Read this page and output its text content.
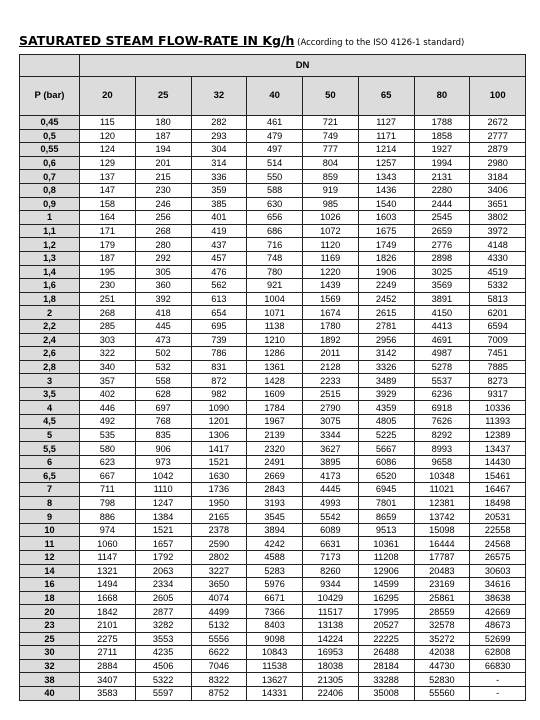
SATURATED STEAM FLOW-RATE IN Kg/h (According to the ISO 4126-1 standard)
	DN							
P (bar)	20	25	32	40	50	65	80	100
0,45	115	180	282	461	721	1127	1788	2672
0,5	120	187	293	479	749	1171	1858	2777
0,55	124	194	304	497	777	1214	1927	2879
0,6	129	201	314	514	804	1257	1994	2980
0,7	137	215	336	550	859	1343	2131	3184
0,8	147	230	359	588	919	1436	2280	3406
0,9	158	246	385	630	985	1540	2444	3651
1	164	256	401	656	1026	1603	2545	3802
1,1	171	268	419	686	1072	1675	2659	3972
1,2	179	280	437	716	1120	1749	2776	4148
1,3	187	292	457	748	1169	1826	2898	4330
1,4	195	305	476	780	1220	1906	3025	4519
1,6	230	360	562	921	1439	2249	3569	5332
1,8	251	392	613	1004	1569	2452	3891	5813
2	268	418	654	1071	1674	2615	4150	6201
2,2	285	445	695	1138	1780	2781	4413	6594
2,4	303	473	739	1210	1892	2956	4691	7009
2,6	322	502	786	1286	2011	3142	4987	7451
2,8	340	532	831	1361	2128	3326	5278	7885
3	357	558	872	1428	2233	3489	5537	8273
3,5	402	628	982	1609	2515	3929	6236	9317
4	446	697	1090	1784	2790	4359	6918	10336
4,5	492	768	1201	1967	3075	4805	7626	11393
5	535	835	1306	2139	3344	5225	8292	12389
5,5	580	906	1417	2320	3627	5667	8993	13437
6	623	973	1521	2491	3895	6086	9658	14430
6,5	667	1042	1630	2669	4173	6520	10348	15461
7	711	1110	1736	2843	4445	6945	11021	16467
8	798	1247	1950	3193	4993	7801	12381	18498
9	886	1384	2165	3545	5542	8659	13742	20531
10	974	1521	2378	3894	6089	9513	15098	22558
11	1060	1657	2590	4242	6631	10361	16444	24568
12	1147	1792	2802	4588	7173	11208	17787	26575
14	1321	2063	3227	5283	8260	12906	20483	30603
16	1494	2334	3650	5976	9344	14599	23169	34616
18	1668	2605	4074	6671	10429	16295	25861	38638
20	1842	2877	4499	7366	11517	17995	28559	42669
23	2101	3282	5132	8403	13138	20527	32578	48673
25	2275	3553	5556	9098	14224	22225	35272	52699
30	2711	4235	6622	10843	16953	26488	42038	62808
32	2884	4506	7046	11538	18038	28184	44730	66830
38	3407	5322	8322	13627	21305	33288	52830	-
40	3583	5597	8752	14331	22406	35008	55560	-
